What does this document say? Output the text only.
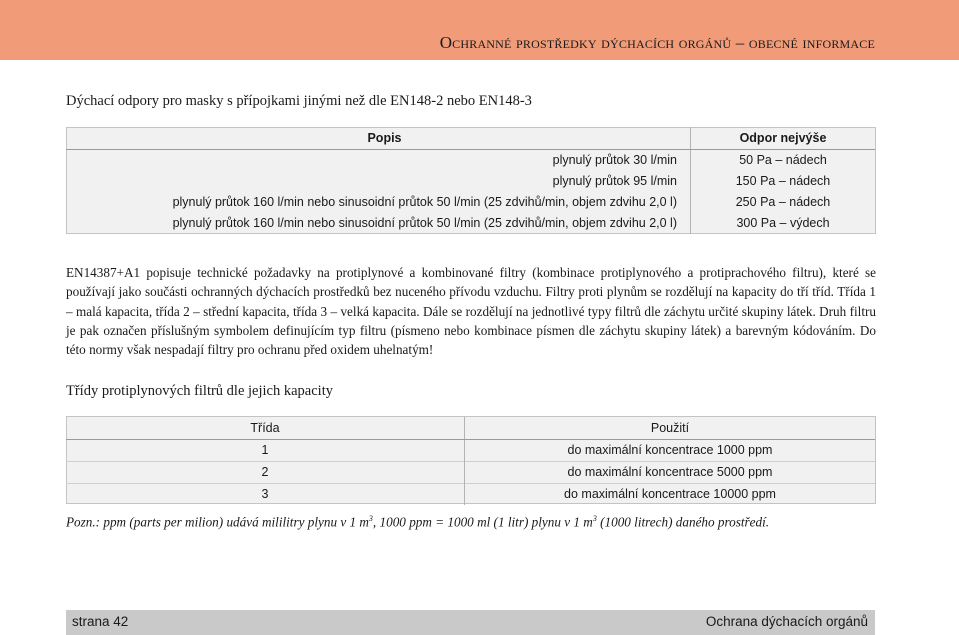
Ochranné prostředky dýchacích orgánů – obecné informace
Dýchací odpory pro masky s přípojkami jinými než dle EN148-2 nebo EN148-3
Popis	Odpor nejvýše
plynulý průtok 30 l/min	50 Pa – nádech
plynulý průtok 95 l/min	150 Pa – nádech
plynulý průtok 160 l/min nebo sinusoidní průtok 50 l/min (25 zdvihů/min, objem zdvihu 2,0 l)	250 Pa – nádech
plynulý průtok 160 l/min nebo sinusoidní průtok 50 l/min (25 zdvihů/min, objem zdvihu 2,0 l)	300 Pa – výdech
EN14387+A1 popisuje technické požadavky na protiplynové a kombinované filtry (kombinace protiplynového a protiprachového filtru), které se používají jako součásti ochranných dýchacích prostředků bez nuceného přívodu vzduchu. Filtry proti plynům se rozdělují na kapacity do tří tříd. Třída 1 – malá kapacita, třída 2 – střední kapacita, třída 3 – velká kapacita. Dále se rozdělují na jednotlivé typy filtrů dle záchytu určité skupiny látek. Druh filtru je pak označen příslušným symbolem definujícím typ filtru (písmeno nebo kombinace písmen dle záchytu skupiny látek) a barevným kódováním. Do této normy však nespadají filtry pro ochranu před oxidem uhelnatým!
Třídy protiplynových filtrů dle jejich kapacity
Třída	Použití
1	do maximální koncentrace 1000 ppm
2	do maximální koncentrace 5000 ppm
3	do maximální koncentrace 10000 ppm
Pozn.: ppm (parts per milion) udává mililitry plynu v 1 $m^3$, 1000 ppm = 1000 ml (1 litr) plynu v 1 $m^3$ (1000 litrech) daného prostředí.
strana 42	Ochrana dýchacích orgánů
